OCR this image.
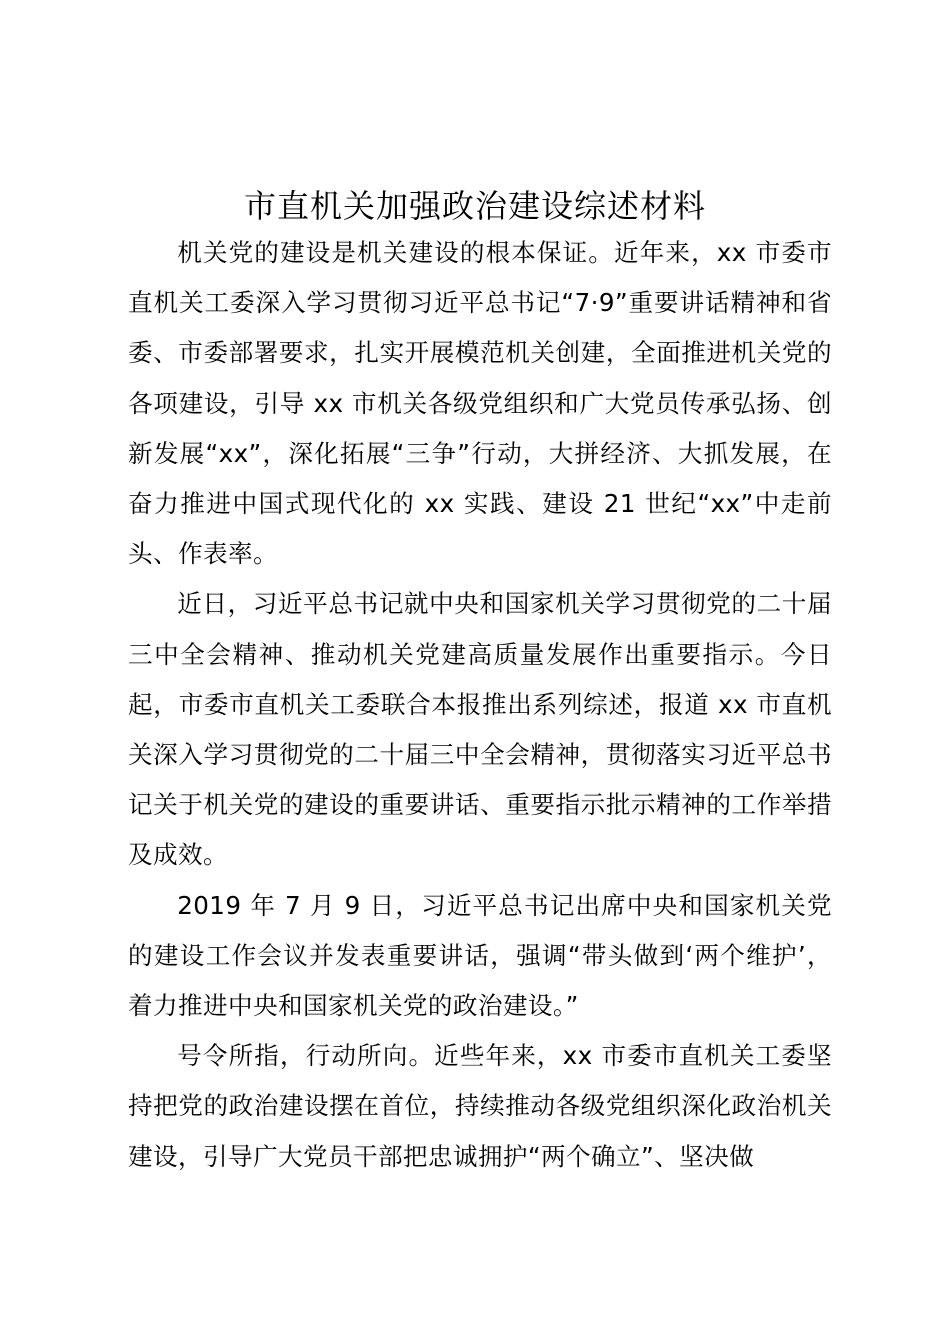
市直机关加强政治建设综述材料

机关党的建设是机关建设的根本保证。近年来，xx 市委市直机关工委深入学习贯彻习近平总书记“7·9”重要讲话精神和省委、市委部署要求，扎实开展模范机关创建，全面推进机关党的各项建设，引导 xx 市机关各级党组织和广大党员传承弘扬、创新发展“xx”，深化拓展“三争”行动，大拼经济、大抓发展，在奋力推进中国式现代化的 xx 实践、建设 21 世纪“xx”中走前头、作表率。

近日，习近平总书记就中央和国家机关学习贯彻党的二十届三中全会精神、推动机关党建高质量发展作出重要指示。今日起，市委市直机关工委联合本报推出系列综述，报道 xx 市直机关深入学习贯彻党的二十届三中全会精神，贯彻落实习近平总书记关于机关党的建设的重要讲话、重要指示批示精神的工作举措及成效。

2019 年 7 月 9 日，习近平总书记出席中央和国家机关党的建设工作会议并发表重要讲话，强调“带头做到‘两个维护’，着力推进中央和国家机关党的政治建设。”

号令所指，行动所向。近些年来，xx 市委市直机关工委坚持把党的政治建设摆在首位，持续推动各级党组织深化政治机关建设，引导广大党员干部把忠诚拥护“两个确立”、坚决做
